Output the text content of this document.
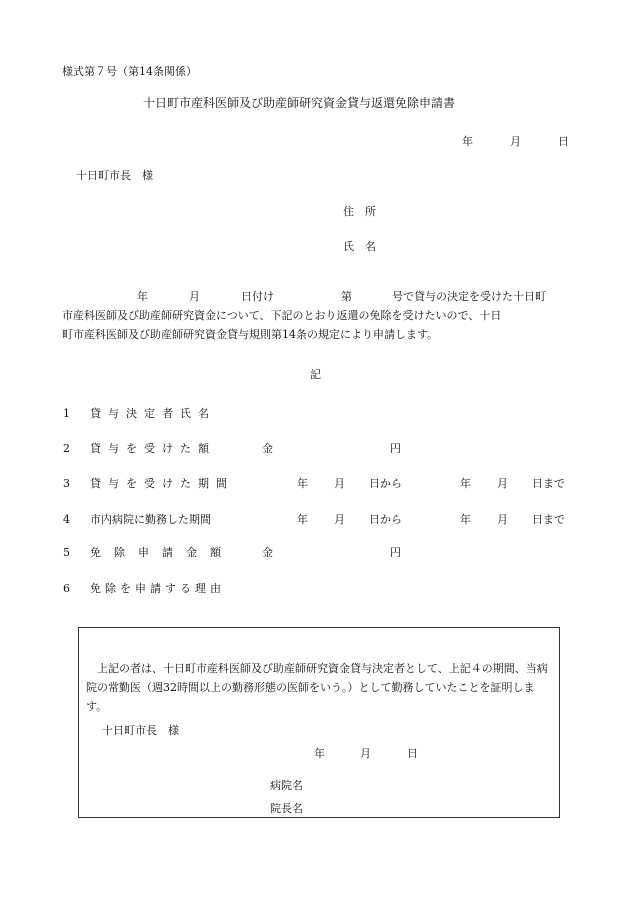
様式第７号（第14条関係）
十日町市産科医師及び助産師研究資金貸与返還免除申請書
年	月	日
十日町市長　様
住　所
氏　名
年	月	日付け	第	号で貸与の決定を受けた十日町
市産科医師及び助産師研究資金について、下記のとおり返還の免除を受けたいので、十日
町市産科医師及び助産師研究資金貸与規則第14条の規定により申請します。
記
1 貸与決定者氏名
2 貸与を受けた額	金	円
3 貸与を受けた期間	年 月 日から	年 月 日まで
4 市内病院に勤務した期間	年 月 日から	年 月 日まで
5 免除申請金額	金	円
6 免除を申請する理由
上記の者は、十日町市産科医師及び助産師研究資金貸与決定者として、上記４の期間、当病院の常勤医（週32時間以上の勤務形態の医師をいう。）として勤務していたことを証明します。
十日町市長　様
年	月	日
病院名
院長名
